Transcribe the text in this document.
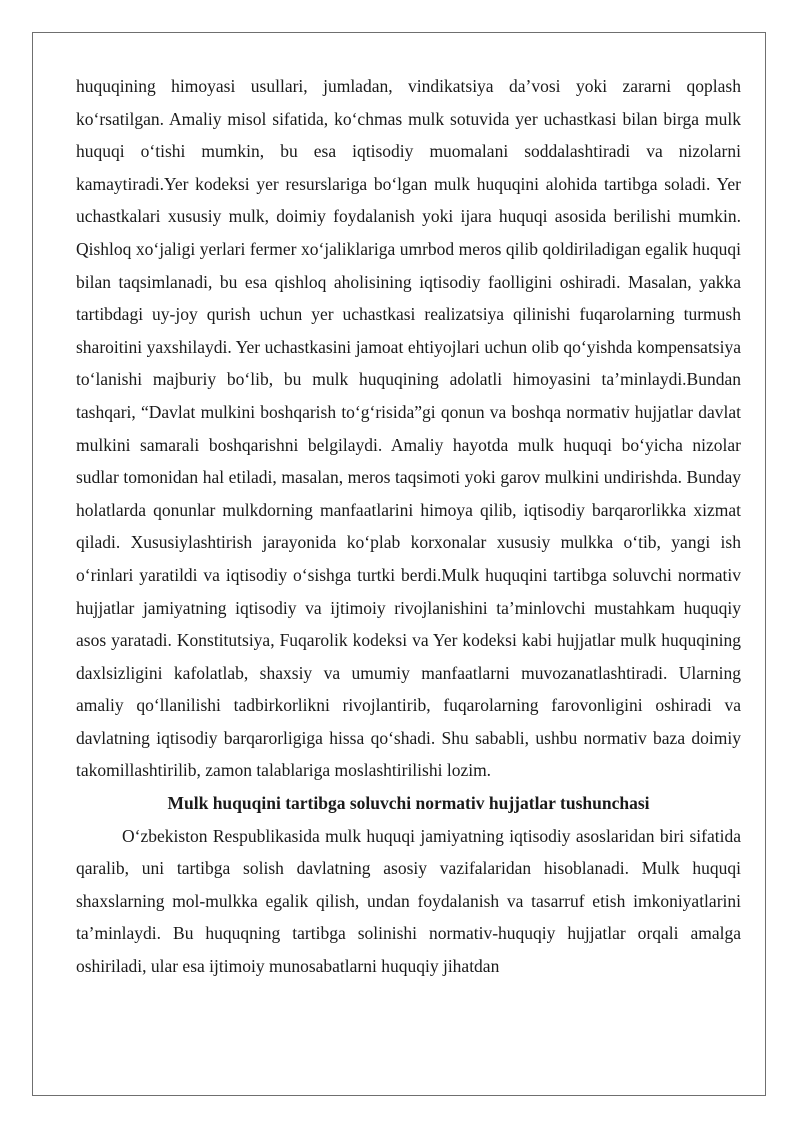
huquqining himoyasi usullari, jumladan, vindikatsiya da’vosi yoki zararni qoplash ko‘rsatilgan. Amaliy misol sifatida, ko‘chmas mulk sotuvida yer uchastkasi bilan birga mulk huquqi o‘tishi mumkin, bu esa iqtisodiy muomalani soddalashtiradi va nizolarni kamaytiradi.Yer kodeksi yer resurslariga bo‘lgan mulk huquqini alohida tartibga soladi. Yer uchastkalari xususiy mulk, doimiy foydalanish yoki ijara huquqi asosida berilishi mumkin. Qishloq xo‘jaligi yerlari fermer xo‘jaliklariga umrbod meros qilib qoldiriladigan egalik huquqi bilan taqsimlanadi, bu esa qishloq aholisining iqtisodiy faolligini oshiradi. Masalan, yakka tartibdagi uy-joy qurish uchun yer uchastkasi realizatsiya qilinishi fuqarolarning turmush sharoitini yaxshilaydi. Yer uchastkasini jamoat ehtiyojlari uchun olib qo‘yishda kompensatsiya to‘lanishi majburiy bo‘lib, bu mulk huquqining adolatli himoyasini ta’minlaydi.Bundan tashqari, “Davlat mulkini boshqarish to‘g‘risida”gi qonun va boshqa normativ hujjatlar davlat mulkini samarali boshqarishni belgilaydi. Amaliy hayotda mulk huquqi bo‘yicha nizolar sudlar tomonidan hal etiladi, masalan, meros taqsimoti yoki garov mulkini undirishda. Bunday holatlarda qonunlar mulkdorning manfaatlarini himoya qilib, iqtisodiy barqarorlikka xizmat qiladi. Xususiylashtirish jarayonida ko‘plab korxonalar xususiy mulkka o‘tib, yangi ish o‘rinlari yaratildi va iqtisodiy o‘sishga turtki berdi.Mulk huquqini tartibga soluvchi normativ hujjatlar jamiyatning iqtisodiy va ijtimoiy rivojlanishini ta’minlovchi mustahkam huquqiy asos yaratadi. Konstitutsiya, Fuqarolik kodeksi va Yer kodeksi kabi hujjatlar mulk huquqining daxlsizligini kafolatlab, shaxsiy va umumiy manfaatlarni muvozanatlashtiradi. Ularning amaliy qo‘llanilishi tadbirkorlikni rivojlantirib, fuqarolarning farovonligini oshiradi va davlatning iqtisodiy barqarorligiga hissa qo‘shadi. Shu sababli, ushbu normativ baza doimiy takomillashtirilib, zamon talablariga moslashtirilishi lozim.

Mulk huquqini tartibga soluvchi normativ hujjatlar tushunchasi

O‘zbekiston Respublikasida mulk huquqi jamiyatning iqtisodiy asoslaridan biri sifatida qaralib, uni tartibga solish davlatning asosiy vazifalaridan hisoblanadi. Mulk huquqi shaxslarning mol-mulkka egalik qilish, undan foydalanish va tasarruf etish imkoniyatlarini ta’minlaydi. Bu huquqning tartibga solinishi normativ-huquqiy hujjatlar orqali amalga oshiriladi, ular esa ijtimoiy munosabatlarni huquqiy jihatdan
